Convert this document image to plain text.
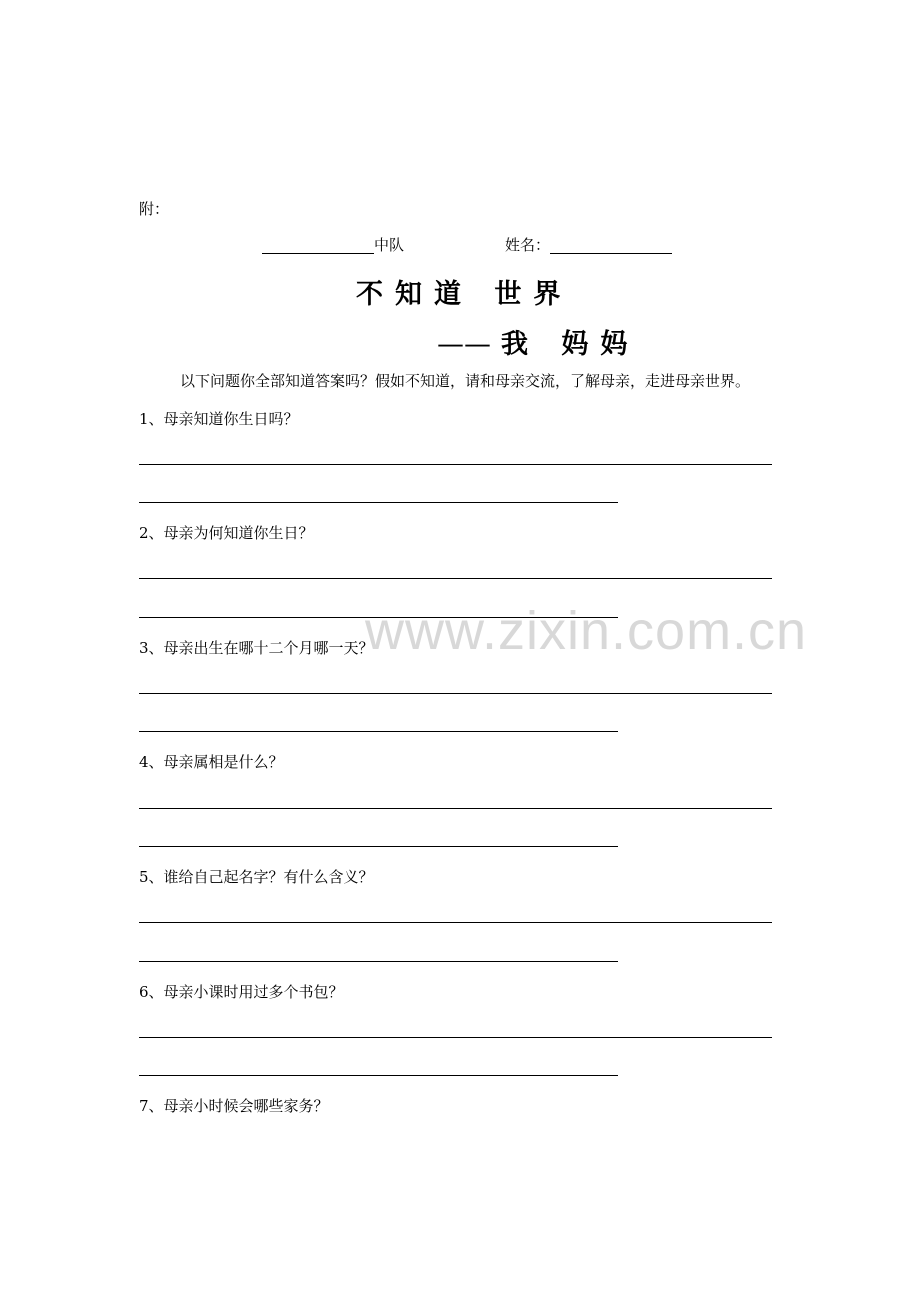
www.zixin.com.cn
附：
中队	姓名：
不知道 世界
—— 我 妈妈
以下问题你全部知道答案吗？假如不知道，请和母亲交流，了解母亲，走进母亲世界。
1、母亲知道你生日吗？
2、母亲为何知道你生日？
3、母亲出生在哪十二个月哪一天？
4、母亲属相是什么？
5、谁给自己起名字？有什么含义？
6、母亲小课时用过多个书包？
7、母亲小时候会哪些家务？
